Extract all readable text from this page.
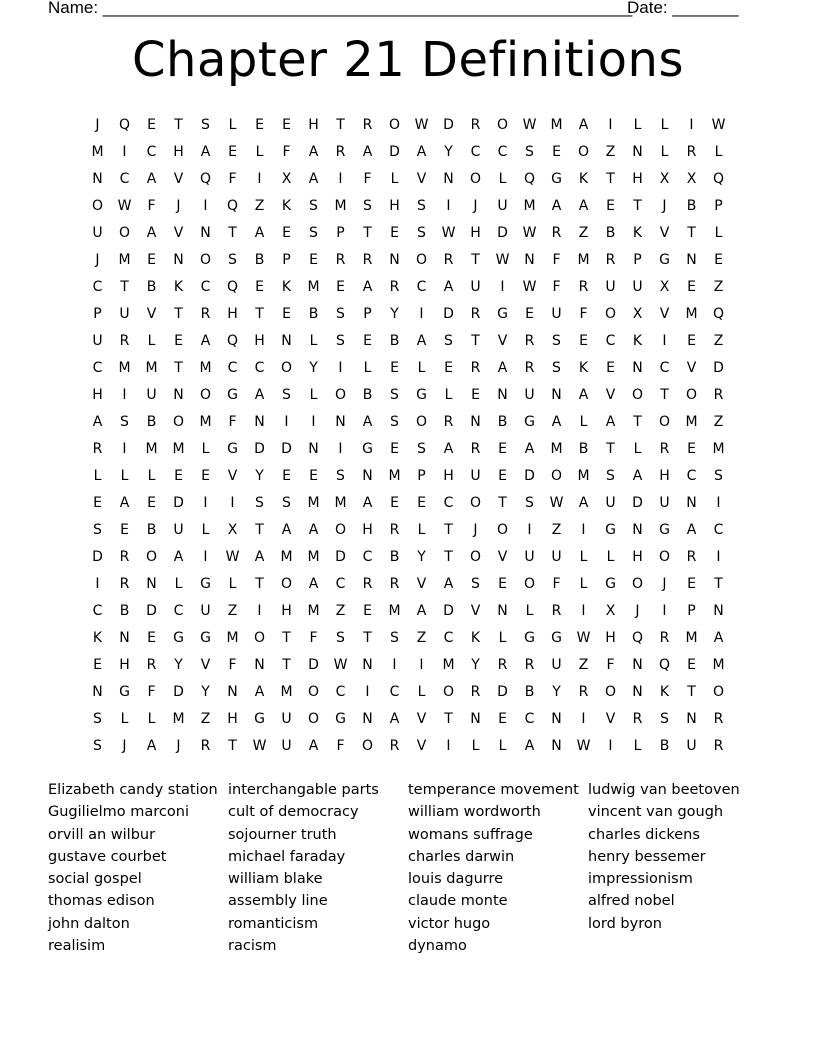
Name: ________________________________________________________
Date: _______
Chapter 21 Definitions
J	Q	E	T	S	L	E	E	H	T	R	O	W	D	R	O	W	M	A	I	L	L	I	W
M	I	C	H	A	E	L	F	A	R	A	D	A	Y	C	C	S	E	O	Z	N	L	R	L
N	C	A	V	Q	F	I	X	A	I	F	L	V	N	O	L	Q	G	K	T	H	X	X	Q
O	W	F	J	I	Q	Z	K	S	M	S	H	S	I	J	U	M	A	A	E	T	J	B	P
U	O	A	V	N	T	A	E	S	P	T	E	S	W	H	D	W	R	Z	B	K	V	T	L
J	M	E	N	O	S	B	P	E	R	R	N	O	R	T	W	N	F	M	R	P	G	N	E
C	T	B	K	C	Q	E	K	M	E	A	R	C	A	U	I	W	F	R	U	U	X	E	Z
P	U	V	T	R	H	T	E	B	S	P	Y	I	D	R	G	E	U	F	O	X	V	M	Q
U	R	L	E	A	Q	H	N	L	S	E	B	A	S	T	V	R	S	E	C	K	I	E	Z
C	M	M	T	M	C	C	O	Y	I	L	E	L	E	R	A	R	S	K	E	N	C	V	D
H	I	U	N	O	G	A	S	L	O	B	S	G	L	E	N	U	N	A	V	O	T	O	R
A	S	B	O	M	F	N	I	I	N	A	S	O	R	N	B	G	A	L	A	T	O	M	Z
R	I	M	M	L	G	D	D	N	I	G	E	S	A	R	E	A	M	B	T	L	R	E	M
L	L	L	E	E	V	Y	E	E	S	N	M	P	H	U	E	D	O	M	S	A	H	C	S
E	A	E	D	I	I	S	S	M	M	A	E	E	C	O	T	S	W	A	U	D	U	N	I
S	E	B	U	L	X	T	A	A	O	H	R	L	T	J	O	I	Z	I	G	N	G	A	C
D	R	O	A	I	W	A	M	M	D	C	B	Y	T	O	V	U	U	L	L	H	O	R	I
I	R	N	L	G	L	T	O	A	C	R	R	V	A	S	E	O	F	L	G	O	J	E	T
C	B	D	C	U	Z	I	H	M	Z	E	M	A	D	V	N	L	R	I	X	J	I	P	N
K	N	E	G	G	M	O	T	F	S	T	S	Z	C	K	L	G	G	W	H	Q	R	M	A
E	H	R	Y	V	F	N	T	D	W	N	I	I	M	Y	R	R	U	Z	F	N	Q	E	M
N	G	F	D	Y	N	A	M	O	C	I	C	L	O	R	D	B	Y	R	O	N	K	T	O
S	L	L	M	Z	H	G	U	O	G	N	A	V	T	N	E	C	N	I	V	R	S	N	R
S	J	A	J	R	T	W	U	A	F	O	R	V	I	L	L	A	N	W	I	L	B	U	R
Elizabeth candy station
Gugilielmo marconi
orvill an wilbur
gustave courbet
social gospel
thomas edison
john dalton
realisim
interchangable parts
cult of democracy
sojourner truth
michael faraday
william blake
assembly line
romanticism
racism
temperance movement
william wordworth
womans suffrage
charles darwin
louis dagurre
claude monte
victor hugo
dynamo
ludwig van beetoven
vincent van gough
charles dickens
henry bessemer
impressionism
alfred nobel
lord byron
